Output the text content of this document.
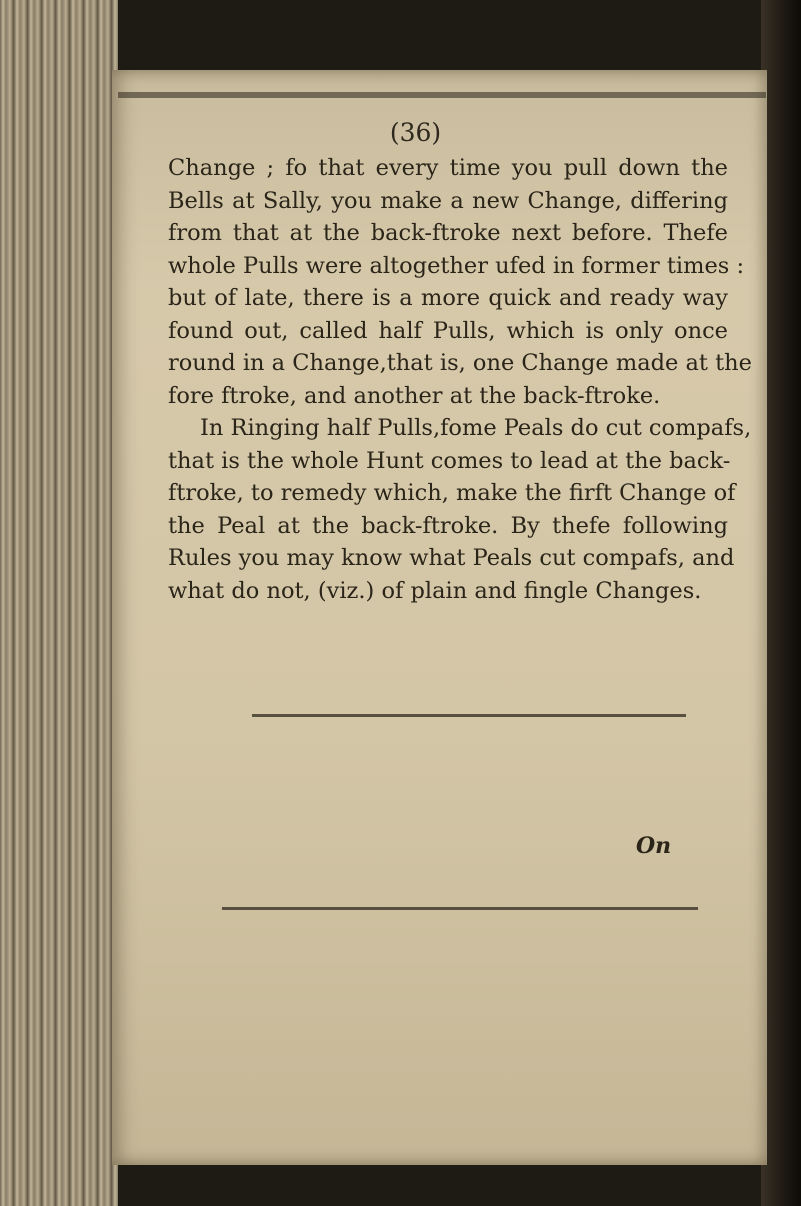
(36)
Change ; fo that every time you pull down the
Bells at Sally, you make a new Change, differing
from that at the back-ftroke next before. Thefe
whole Pulls were altogether ufed in former times :
but of late, there is a more quick and ready way
found out, called half Pulls, which is only once
round in a Change,that is, one Change made at the
fore ftroke, and another at the back-ftroke.
In Ringing half Pulls,fome Peals do cut compafs,
that is the whole Hunt comes to lead at the back-
ftroke, to remedy which, make the firft Change of
the Peal at the back-ftroke. By thefe following
Rules you may know what Peals cut compafs, and
what do not, (viz.) of plain and fingle Changes.
On
